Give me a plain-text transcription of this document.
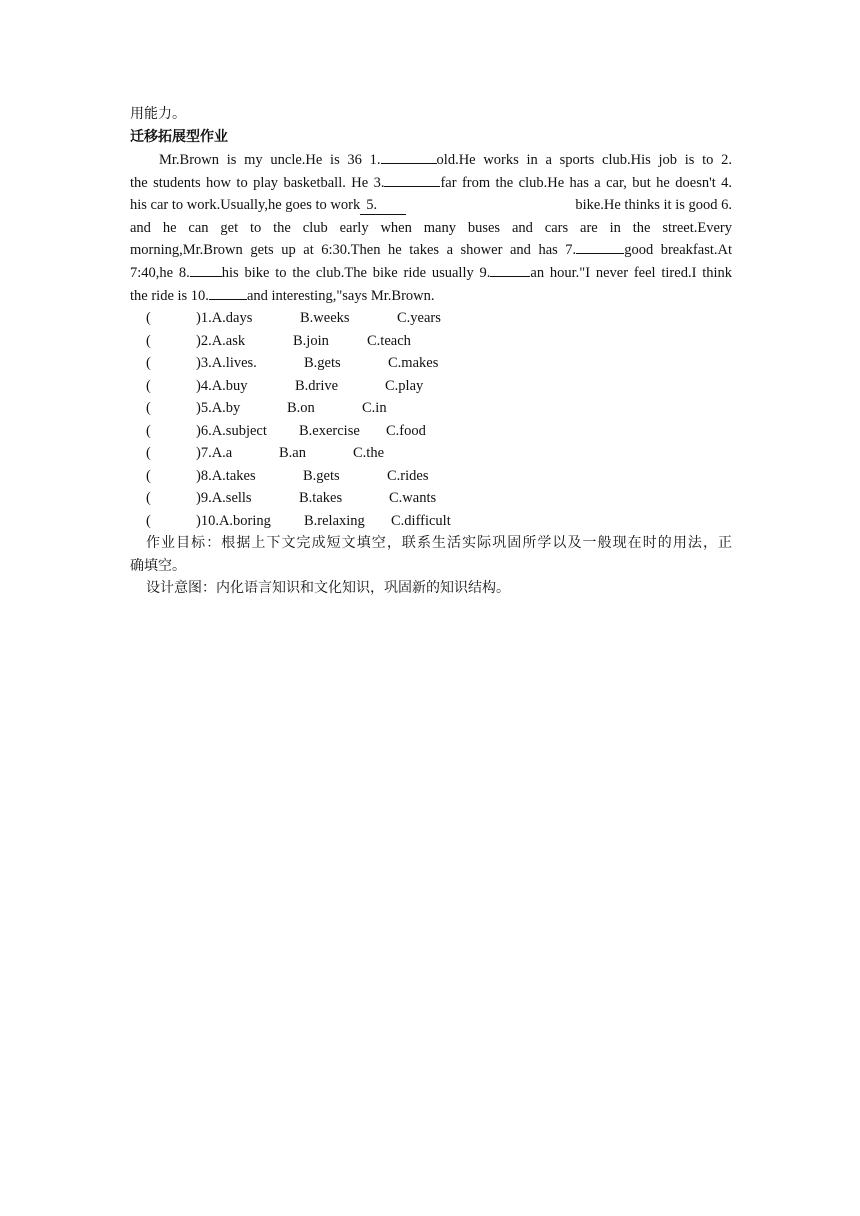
用能力。
迁移拓展型作业
Mr.Brown is my uncle.He is 36 1.	old.He works in a sports club.His job is to 2.
the students how to play basketball. He 3.	far from the club.He has a car, but he doesn't 4.
his car to work.Usually,he goes to work 5.	bike.He thinks it is good 6.
and he can get to the club early when many buses and cars are in the street.Every
morning,Mr.Brown gets up at 6:30.Then he takes a shower and has 7.	good breakfast.At
7:40,he 8. his bike to the club.The bike ride usually 9.	an hour."I never feel tired.I think
the ride is 10.	and interesting,"says Mr.Brown.
(	)1.A.days	B.weeks	C.years
(	)2.A.ask	B.join	C.teach
(	)3.A.lives.	B.gets	C.makes
(	)4.A.buy	B.drive	C.play
(	)5.A.by	B.on	C.in
(	)6.A.subject B.exercise C.food
(	)7.A.a	B.an	C.the
(	)8.A.takes	B.gets	C.rides
(	)9.A.sells	B.takes	C.wants
(	)10.A.boring B.relaxing C.difficult
作业目标：根据上下文完成短文填空，联系生活实际巩固所学以及一般现在时的用法，正
确填空。
设计意图：内化语言知识和文化知识，巩固新的知识结构。
